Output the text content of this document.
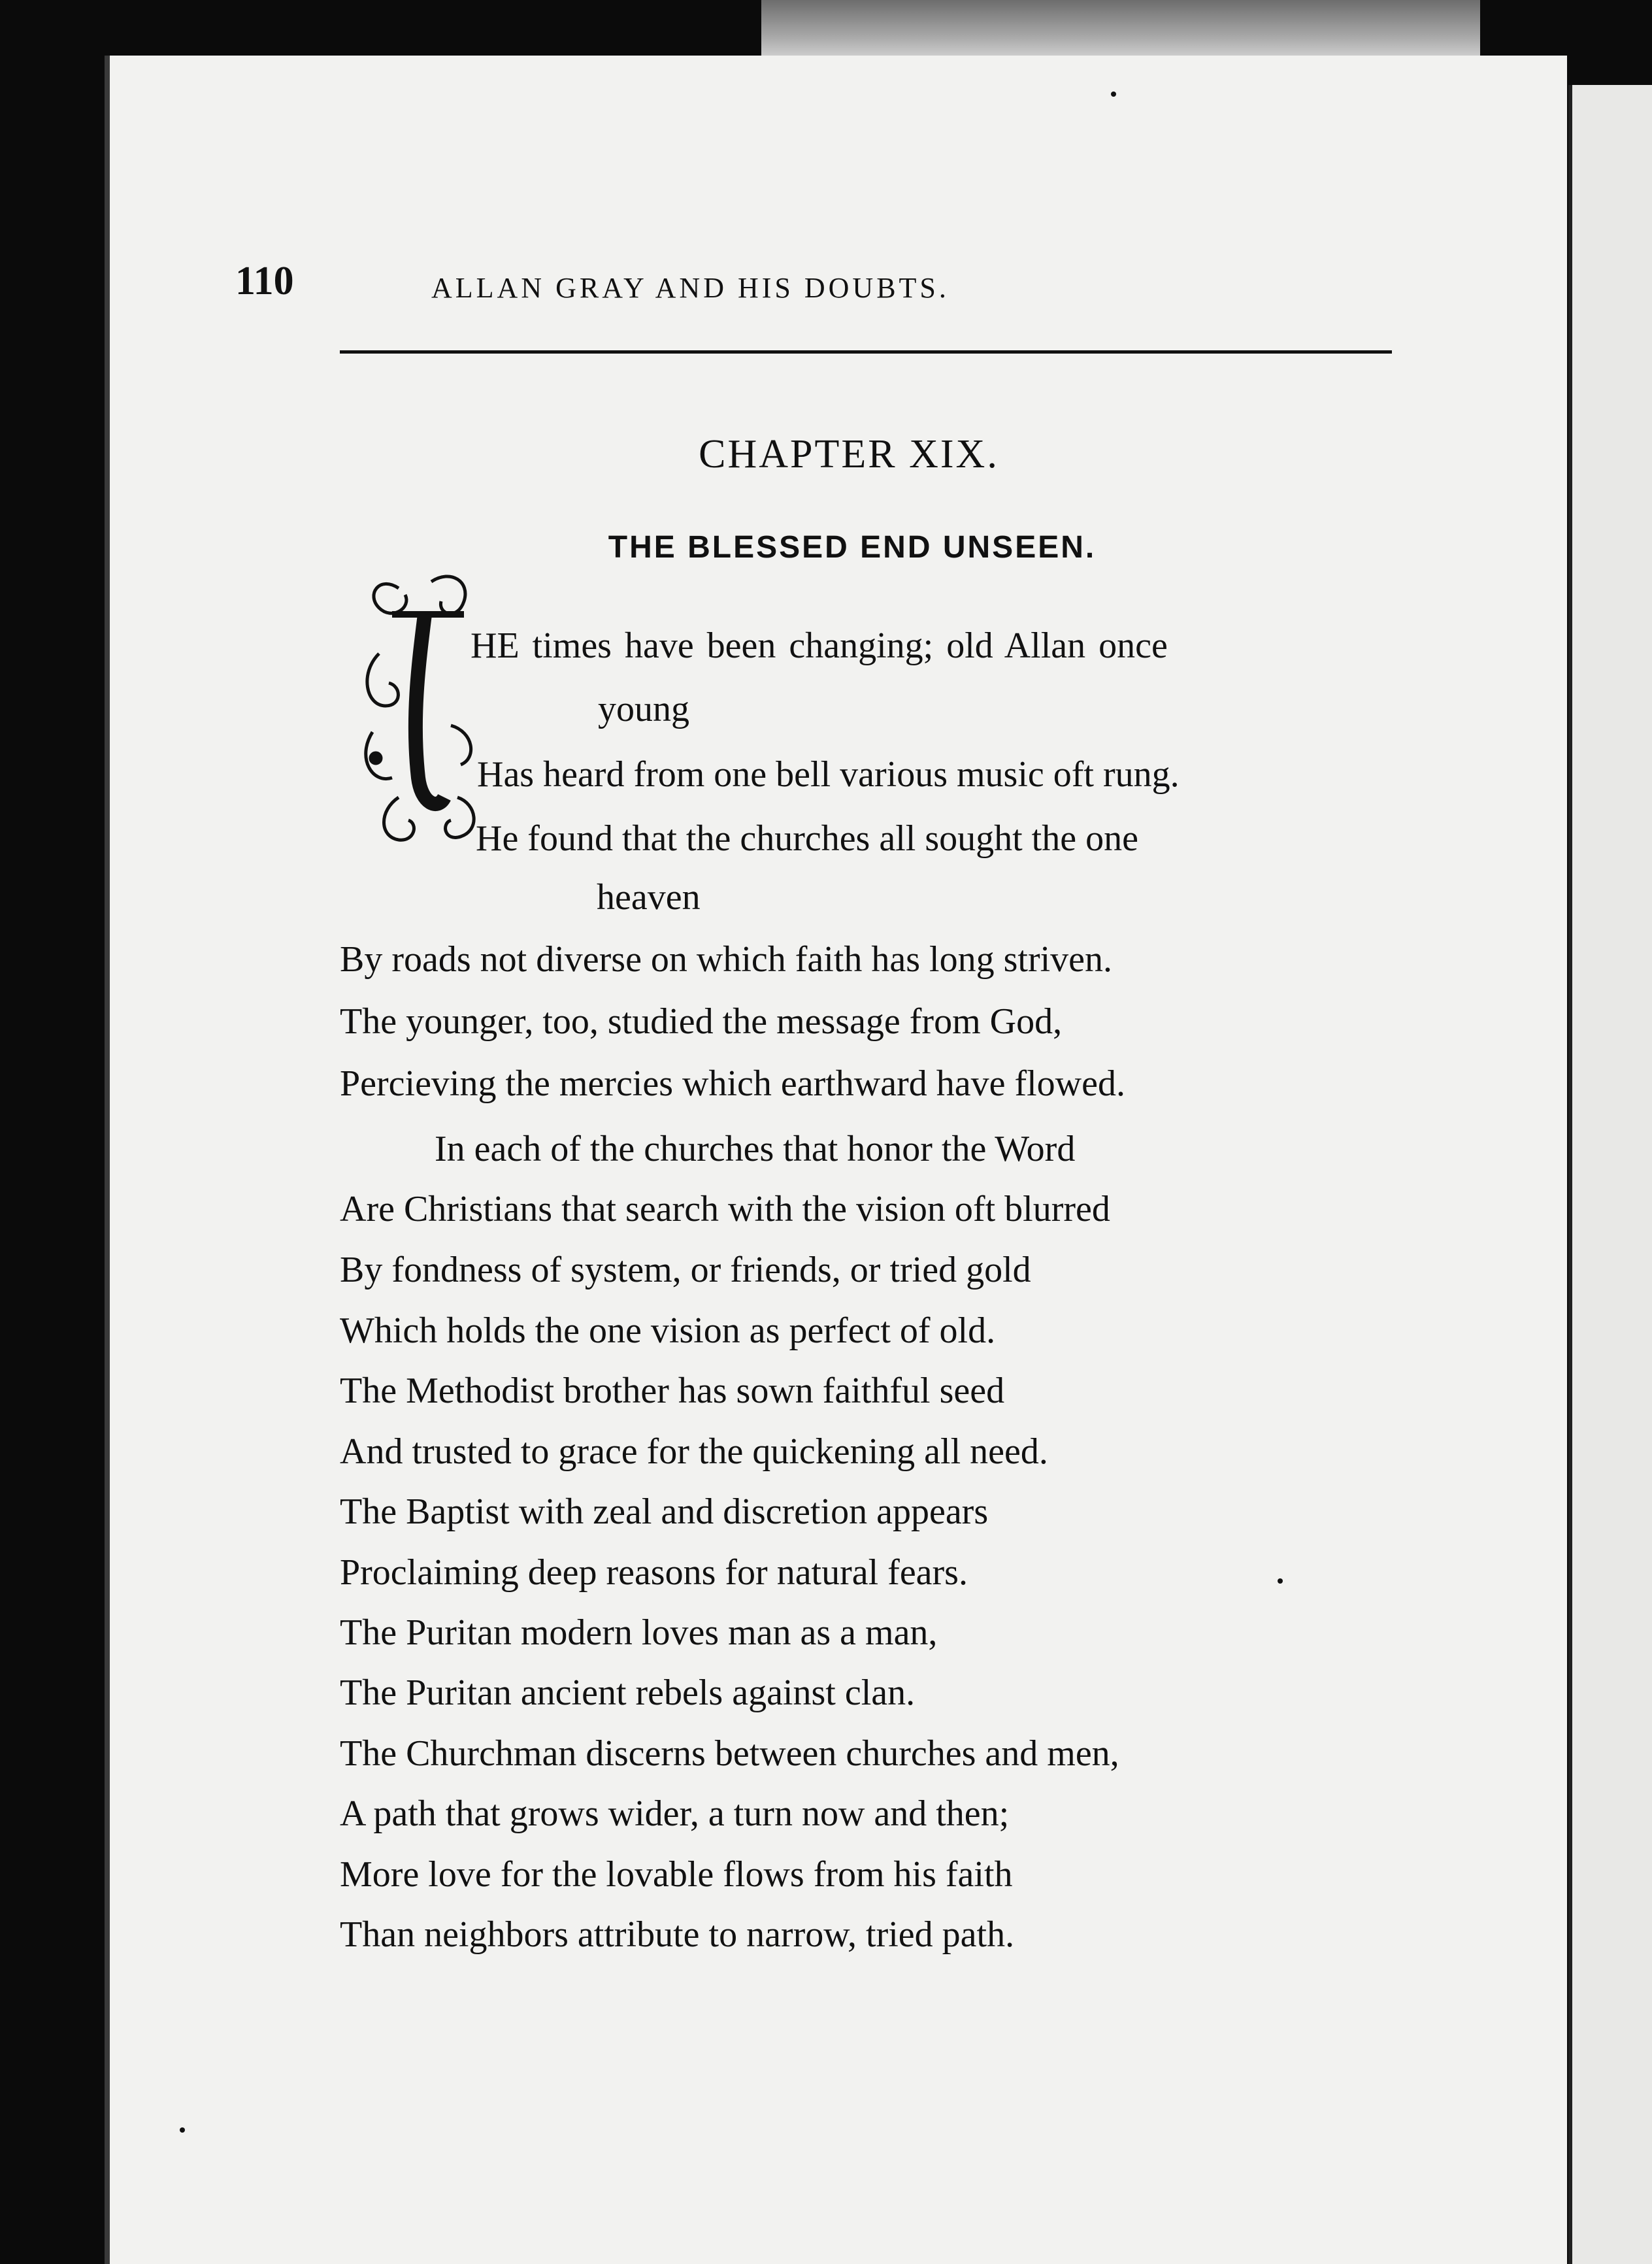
110	ALLAN GRAY AND HIS DOUBTS.
CHAPTER XIX.
THE BLESSED END UNSEEN.
T
HE times have been changing; old Allan once
young
Has heard from one bell various music oft rung.
He found that the churches all sought the one
heaven
By roads not diverse on which faith has long striven.
The younger, too, studied the message from God,
Percieving the mercies which earthward have flowed.
In each of the churches that honor the Word
Are Christians that search with the vision oft blurred
By fondness of system, or friends, or tried gold
Which holds the one vision as perfect of old.
The Methodist brother has sown faithful seed
And trusted to grace for the quickening all need.
The Baptist with zeal and discretion appears
Proclaiming deep reasons for natural fears.
The Puritan modern loves man as a man,
The Puritan ancient rebels against clan.
The Churchman discerns between churches and men,
A path that grows wider, a turn now and then;
More love for the lovable flows from his faith
Than neighbors attribute to narrow, tried path.
